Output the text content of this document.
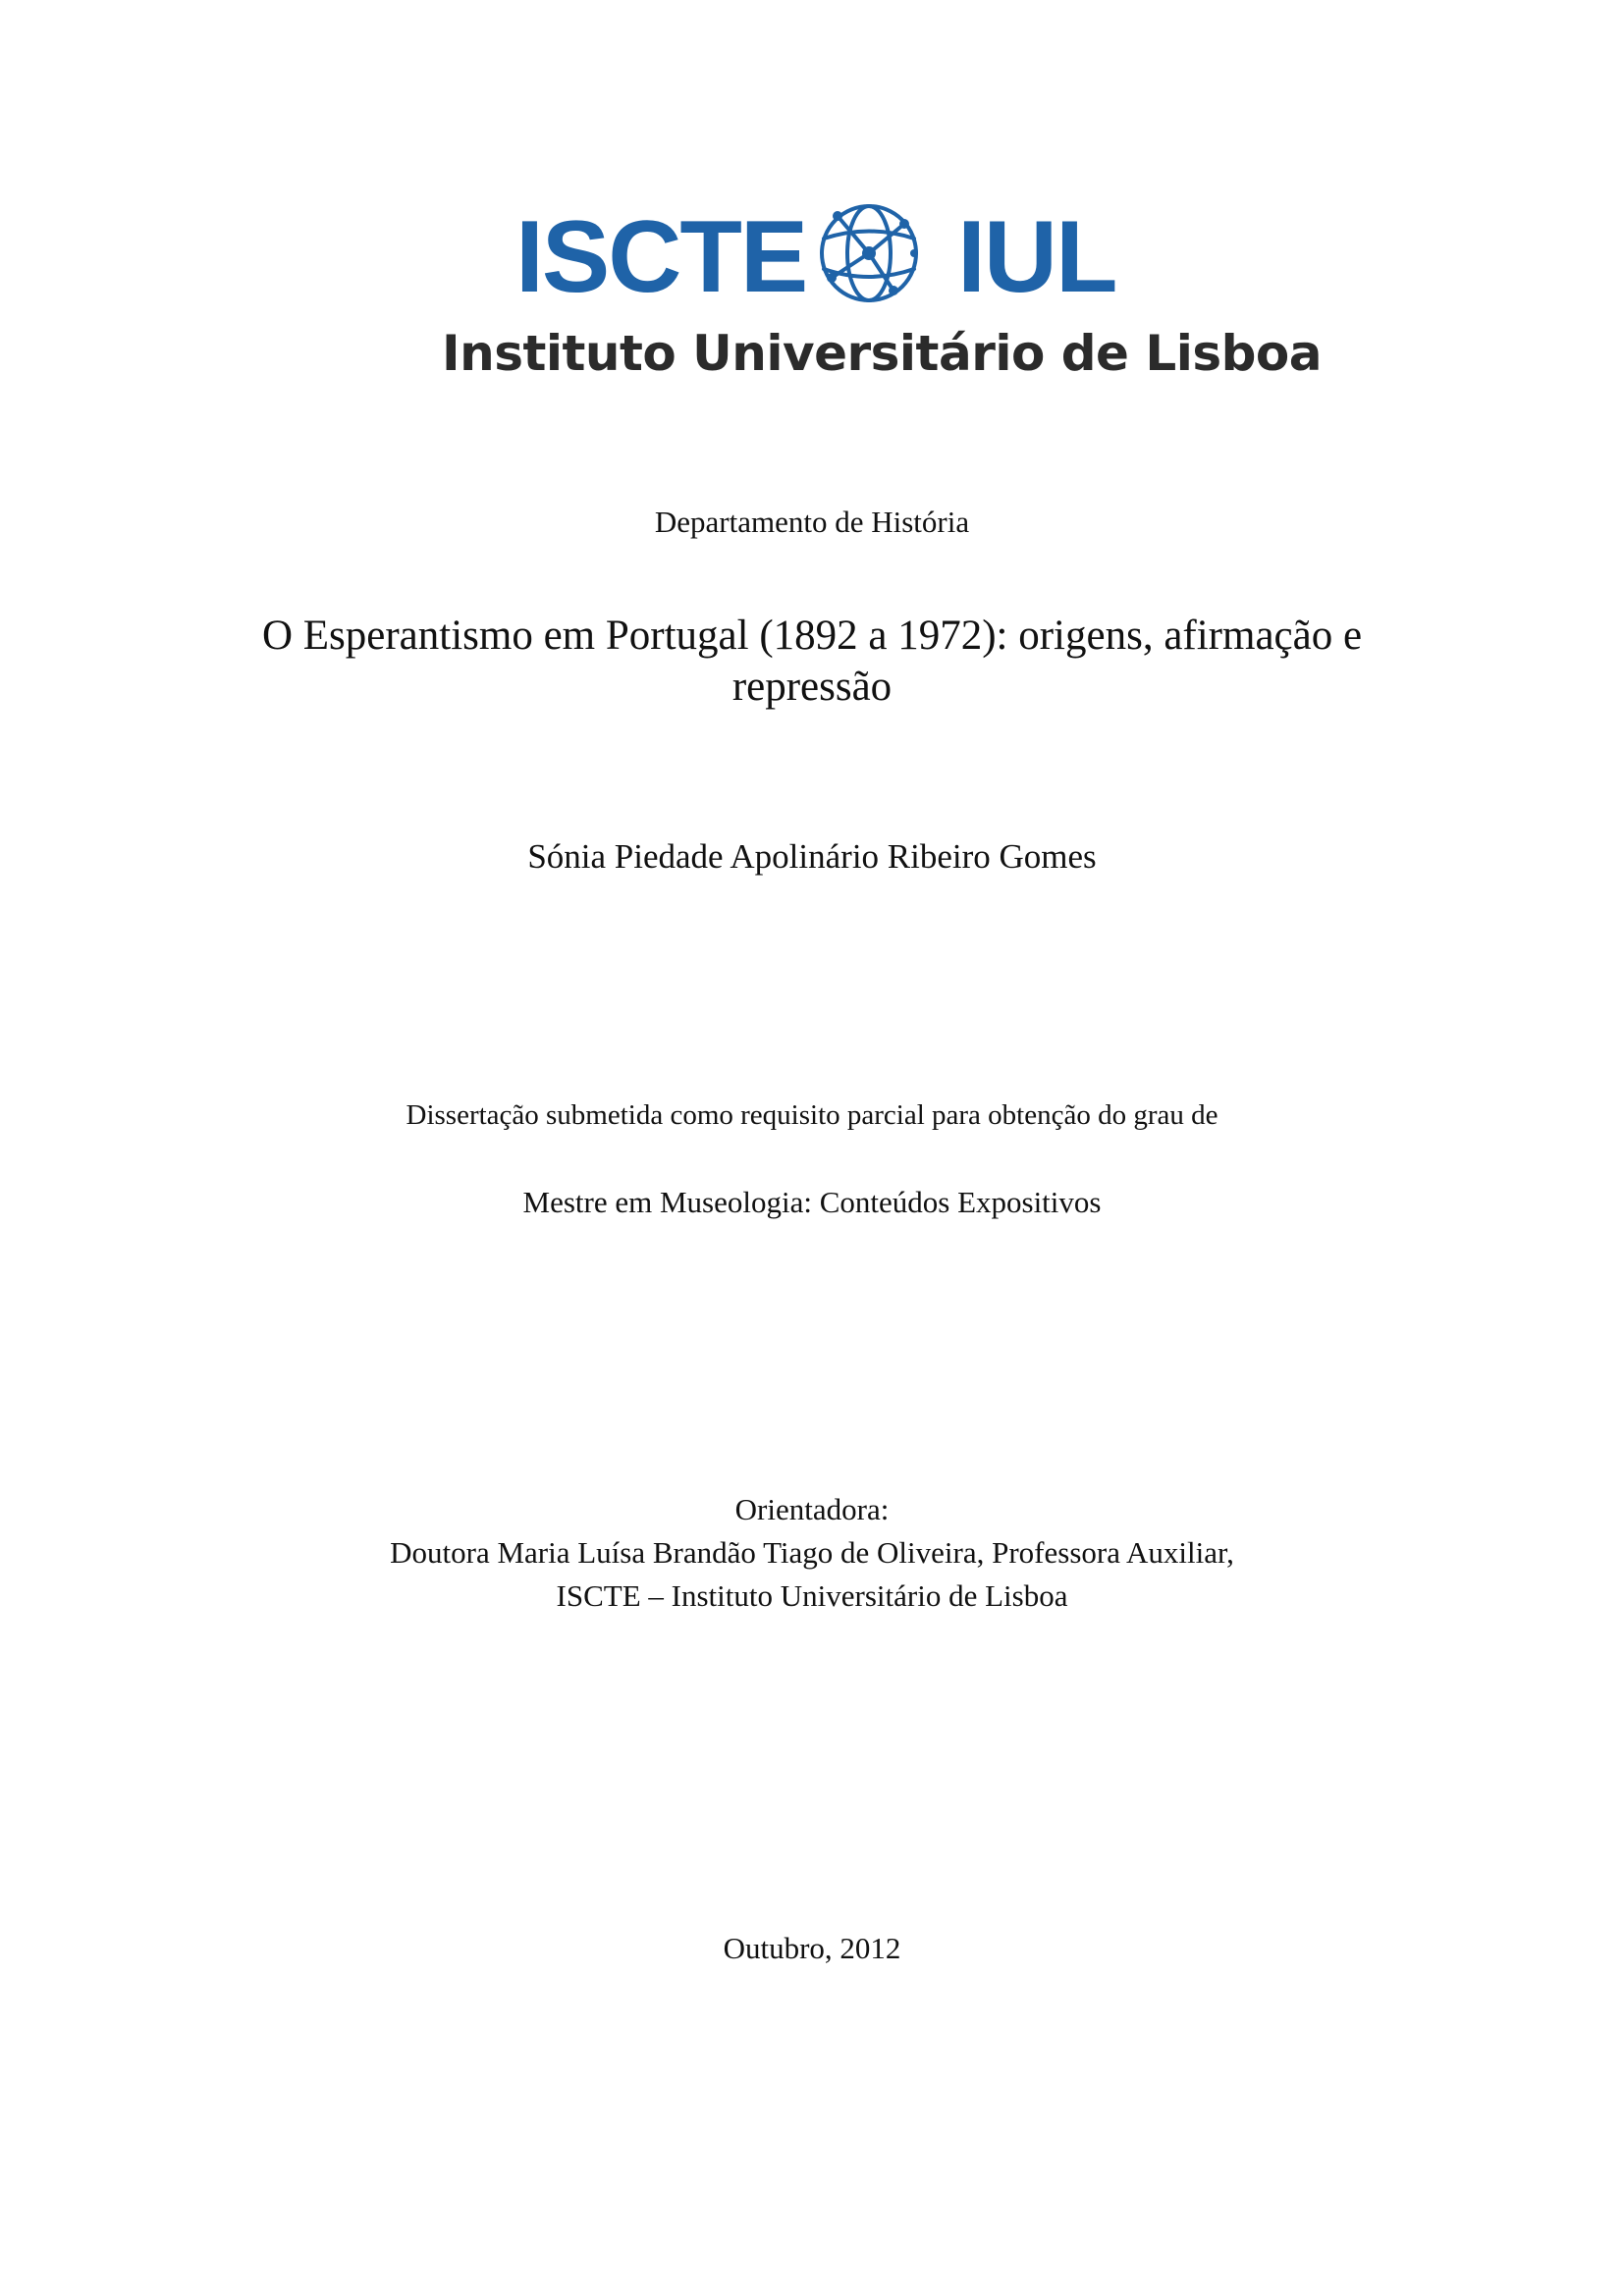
ISCTE IUL
Instituto Universitário de Lisboa
Departamento de História
O Esperantismo em Portugal (1892 a 1972): origens, afirmação e repressão
Sónia Piedade Apolinário Ribeiro Gomes
Dissertação submetida como requisito parcial para obtenção do grau de
Mestre em Museologia: Conteúdos Expositivos
Orientadora:
Doutora Maria Luísa Brandão Tiago de Oliveira, Professora Auxiliar,
ISCTE – Instituto Universitário de Lisboa
Outubro, 2012
